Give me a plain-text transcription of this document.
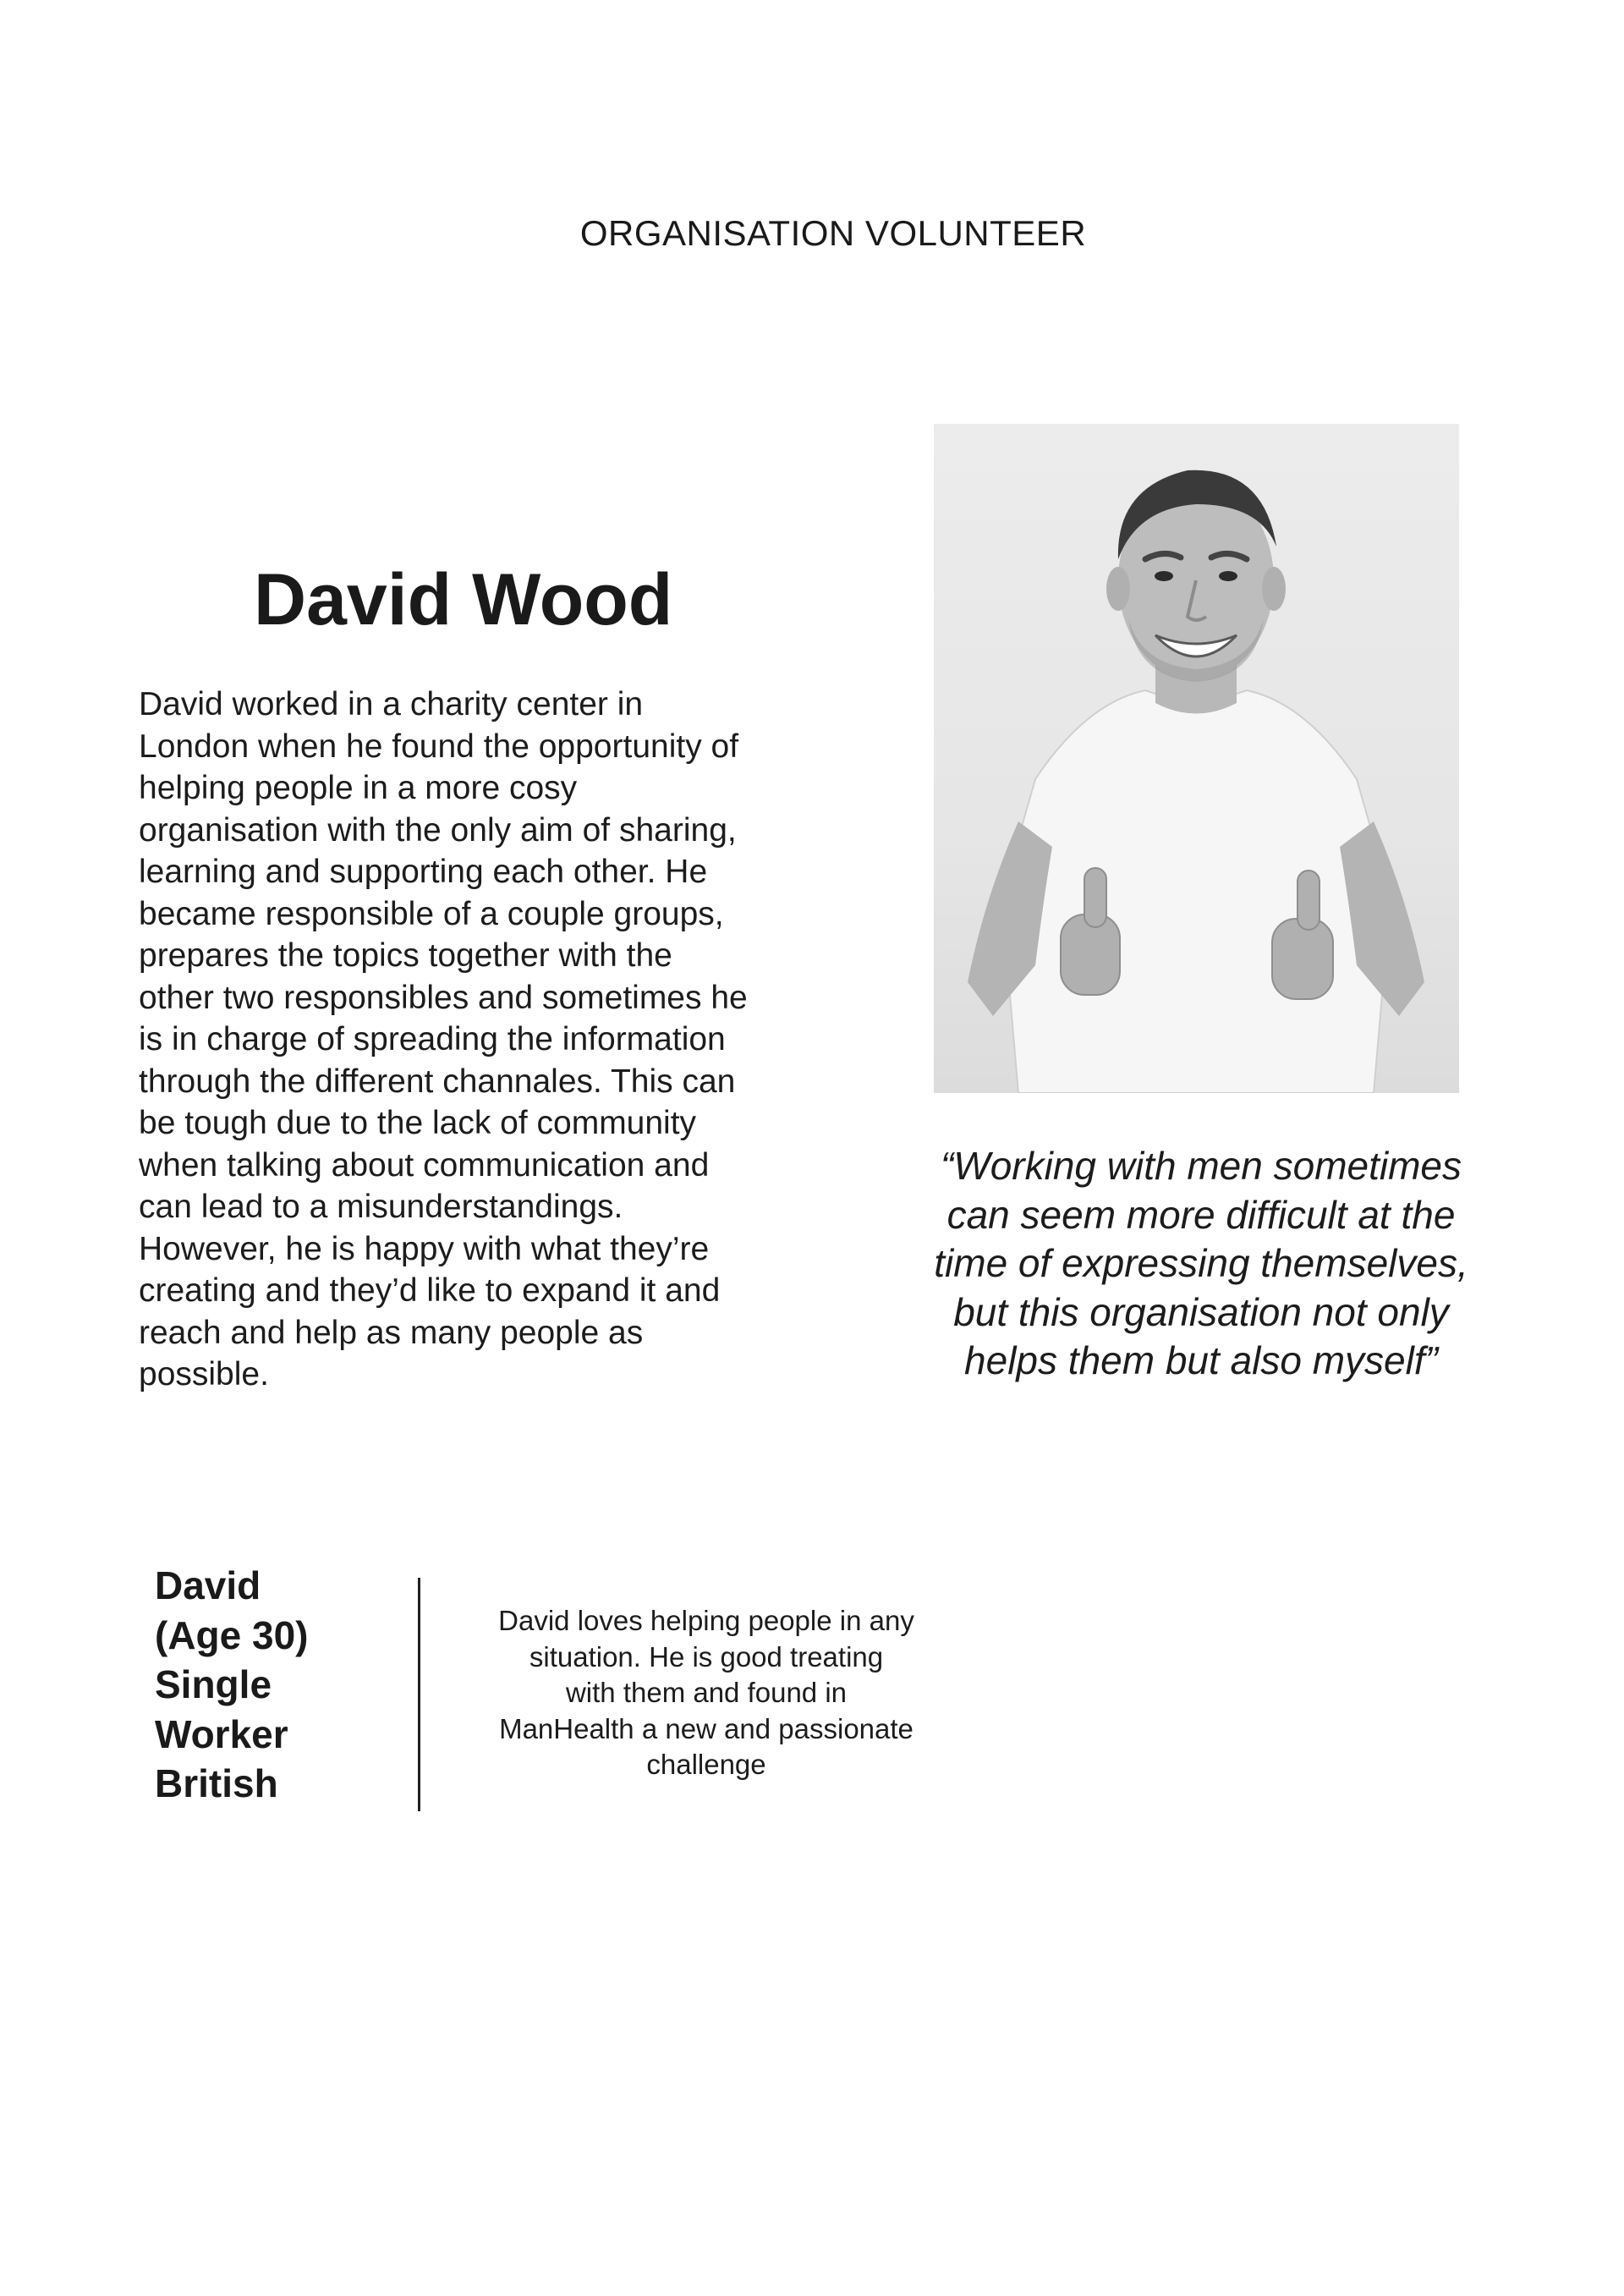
ORGANISATION VOLUNTEER
David Wood
David worked in a charity center in
London when he found the opportunity of
helping people in a more cosy
organisation with the only aim of sharing,
learning and supporting each other. He
became responsible of a couple groups,
prepares the topics together with the
other two responsibles and sometimes he
is in charge of spreading the information
through the different channales. This can
be tough due to the lack of community
when talking about communication and
can lead to a misunderstandings.
However, he is happy with what they’re
creating and they’d like to expand it and
reach and help as many people as
possible.
“Working with men sometimes
can seem more difficult at the
time of expressing themselves,
but this organisation not only
helps them but also myself”
David
(Age 30)
Single
Worker
British
David loves helping people in any
situation. He is good treating
with them and found in
ManHealth a new and passionate
challenge
